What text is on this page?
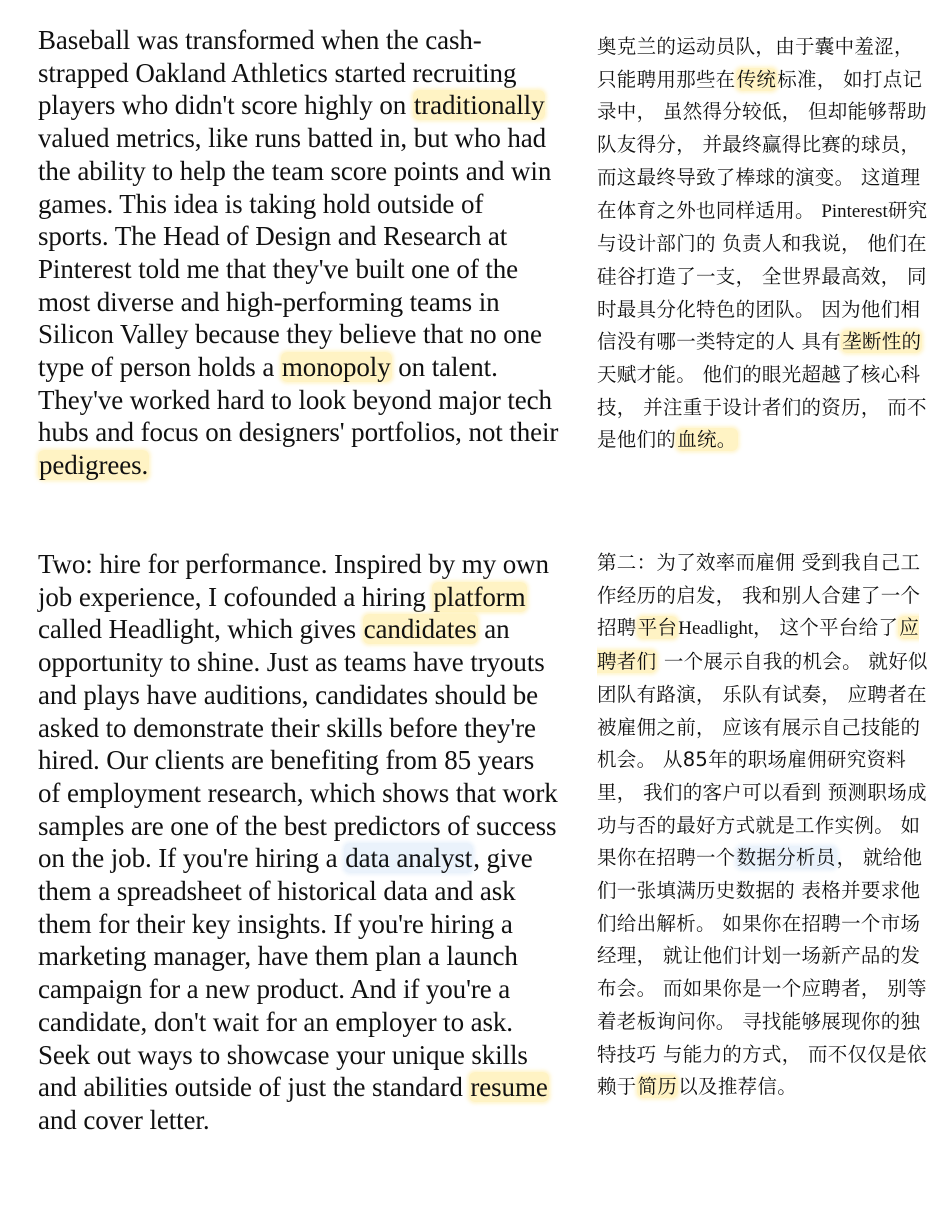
Baseball was transformed when the cash-strapped Oakland Athletics started recruiting players who didn't score highly on traditionally valued metrics, like runs batted in, but who had the ability to help the team score points and win games. This idea is taking hold outside of sports. The Head of Design and Research at Pinterest told me that they've built one of the most diverse and high-performing teams in Silicon Valley because they believe that no one type of person holds a monopoly on talent. They've worked hard to look beyond major tech hubs and focus on designers' portfolios, not their pedigrees.
奥克兰的运动员队，由于囊中羞涩， 只能聘用那些在传统标准， 如打点记录中， 虽然得分较低， 但却能够帮助队友得分， 并最终赢得比赛的球员， 而这最终导致了棒球的演变。 这道理在体育之外也同样适用。 Pinterest研究与设计部门的 负责人和我说， 他们在硅谷打造了一支， 全世界最高效， 同时最具分化特色的团队。 因为他们相信没有哪一类特定的人 具有垄断性的天赋才能。 他们的眼光超越了核心科技， 并注重于设计者们的资历， 而不是他们的血统。
Two: hire for performance. Inspired by my own job experience, I cofounded a hiring platform called Headlight, which gives candidates an opportunity to shine. Just as teams have tryouts and plays have auditions, candidates should be asked to demonstrate their skills before they're hired. Our clients are benefiting from 85 years of employment research, which shows that work samples are one of the best predictors of success on the job. If you're hiring a data analyst, give them a spreadsheet of historical data and ask them for their key insights. If you're hiring a marketing manager, have them plan a launch campaign for a new product. And if you're a candidate, don't wait for an employer to ask. Seek out ways to showcase your unique skills and abilities outside of just the standard resume and cover letter.
第二：为了效率而雇佣 受到我自己工作经历的启发， 我和别人合建了一个 招聘平台Headlight， 这个平台给了应聘者们 一个展示自我的机会。 就好似团队有路演， 乐队有试奏， 应聘者在被雇佣之前， 应该有展示自己技能的机会。 从85年的职场雇佣研究资料里， 我们的客户可以看到 预测职场成功与否的最好方式就是工作实例。 如果你在招聘一个数据分析员， 就给他们一张填满历史数据的 表格并要求他们给出解析。 如果你在招聘一个市场经理， 就让他们计划一场新产品的发布会。 而如果你是一个应聘者， 别等着老板询问你。 寻找能够展现你的独特技巧 与能力的方式， 而不仅仅是依赖于简历以及推荐信。
